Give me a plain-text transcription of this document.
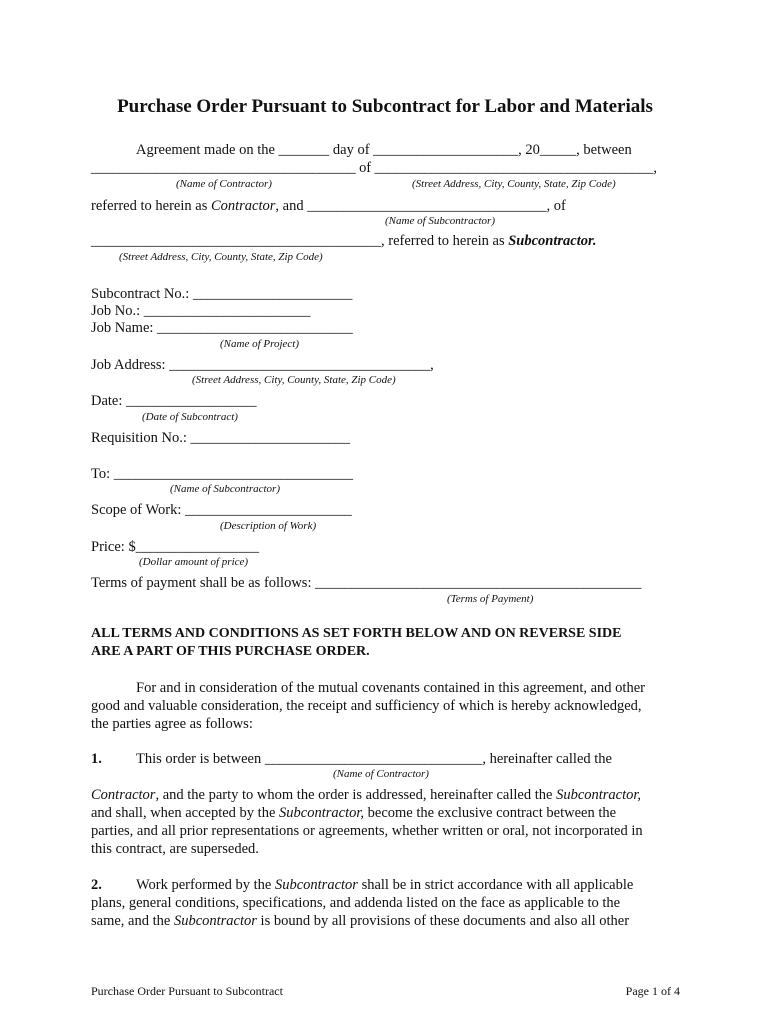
Purchase Order Pursuant to Subcontract for Labor and Materials
Agreement made on the _______ day of ____________________, 20_____, between
_____________________________________ of _______________________________________,
(Name of Contractor)	(Street Address, City, County, State, Zip Code)
referred to herein as Contractor, and _________________________________, of
(Name of Subcontractor)
________________________________________, referred to herein as Subcontractor.
(Street Address, City, County, State, Zip Code)
Subcontract No.: ______________________
Job No.: _______________________
Job Name: ___________________________
(Name of Project)
Job Address: ____________________________________,
(Street Address, City, County, State, Zip Code)
Date: __________________
(Date of Subcontract)
Requisition No.: ______________________
To: _________________________________
(Name of Subcontractor)
Scope of Work: _______________________
(Description of Work)
Price: $_________________
(Dollar amount of price)
Terms of payment shall be as follows: _____________________________________________
(Terms of Payment)
ALL TERMS AND CONDITIONS AS SET FORTH BELOW AND ON REVERSE SIDE
ARE A PART OF THIS PURCHASE ORDER.
For and in consideration of the mutual covenants contained in this agreement, and other
good and valuable consideration, the receipt and sufficiency of which is hereby acknowledged,
the parties agree as follows:
1. This order is between ______________________________, hereinafter called the
(Name of Contractor)
Contractor, and the party to whom the order is addressed, hereinafter called the Subcontractor,
and shall, when accepted by the Subcontractor, become the exclusive contract between the
parties, and all prior representations or agreements, whether written or oral, not incorporated in
this contract, are superseded.
2. Work performed by the Subcontractor shall be in strict accordance with all applicable
plans, general conditions, specifications, and addenda listed on the face as applicable to the
same, and the Subcontractor is bound by all provisions of these documents and also all other
Purchase Order Pursuant to Subcontract	Page 1 of 4
